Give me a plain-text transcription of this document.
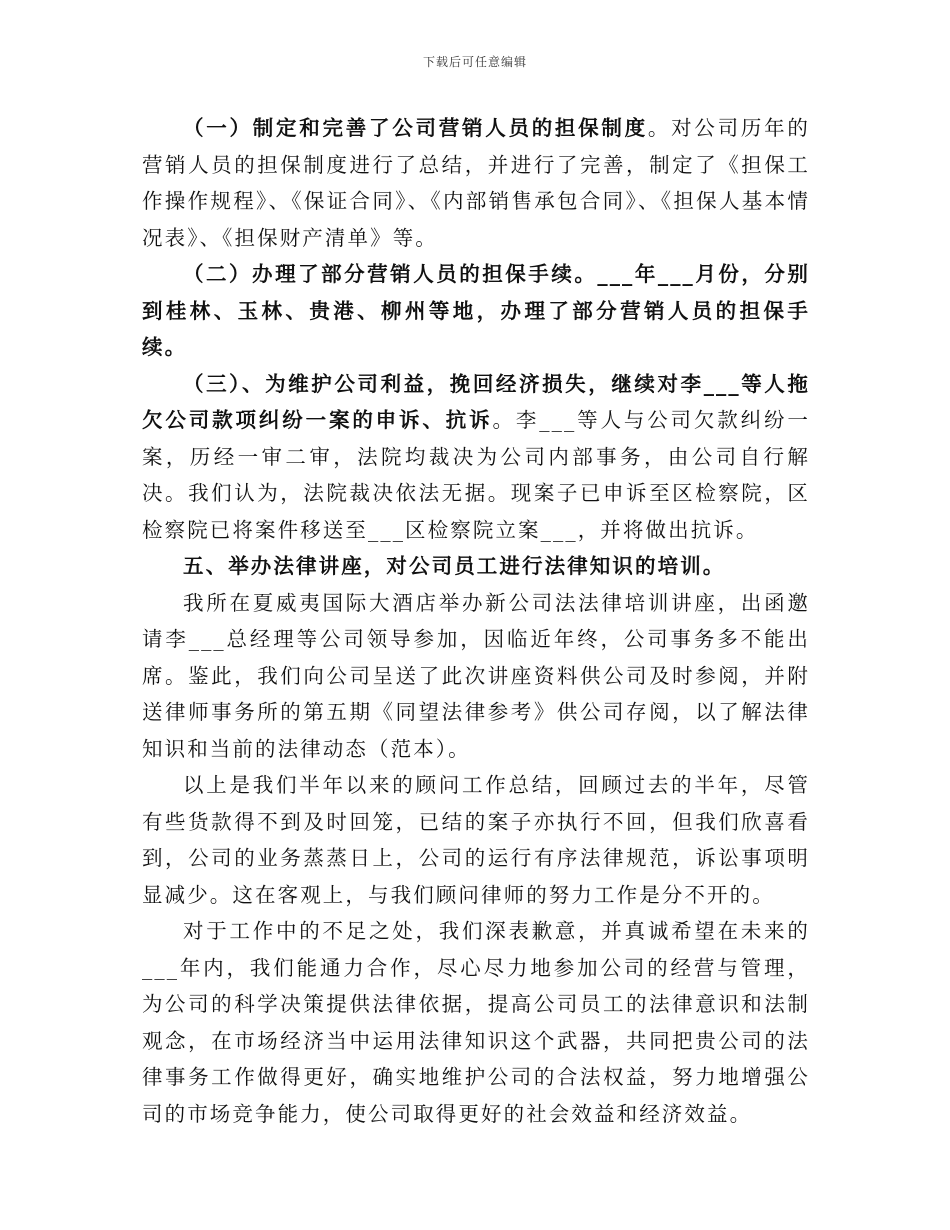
下载后可任意编辑

（一）制定和完善了公司营销人员的担保制度。对公司历年的营销人员的担保制度进行了总结，并进行了完善，制定了《担保工作操作规程》、《保证合同》、《内部销售承包合同》、《担保人基本情况表》、《担保财产清单》等。

（二）办理了部分营销人员的担保手续。___年___月份，分别到桂林、玉林、贵港、柳州等地，办理了部分营销人员的担保手续。

（三）、为维护公司利益，挽回经济损失，继续对李___等人拖欠公司款项纠纷一案的申诉、抗诉。李___等人与公司欠款纠纷一案，历经一审二审，法院均裁决为公司内部事务，由公司自行解决。我们认为，法院裁决依法无据。现案子已申诉至区检察院，区检察院已将案件移送至___区检察院立案___，并将做出抗诉。

五、举办法律讲座，对公司员工进行法律知识的培训。

我所在夏威夷国际大酒店举办新公司法法律培训讲座，出函邀请李___总经理等公司领导参加，因临近年终，公司事务多不能出席。鉴此，我们向公司呈送了此次讲座资料供公司及时参阅，并附送律师事务所的第五期《同望法律参考》供公司存阅，以了解法律知识和当前的法律动态（范本）。

以上是我们半年以来的顾问工作总结，回顾过去的半年，尽管有些货款得不到及时回笼，已结的案子亦执行不回，但我们欣喜看到，公司的业务蒸蒸日上，公司的运行有序法律规范，诉讼事项明显减少。这在客观上，与我们顾问律师的努力工作是分不开的。

对于工作中的不足之处，我们深表歉意，并真诚希望在未来的___年内，我们能通力合作，尽心尽力地参加公司的经营与管理，为公司的科学决策提供法律依据，提高公司员工的法律意识和法制观念，在市场经济当中运用法律知识这个武器，共同把贵公司的法律事务工作做得更好，确实地维护公司的合法权益，努力地增强公司的市场竞争能力，使公司取得更好的社会效益和经济效益。
